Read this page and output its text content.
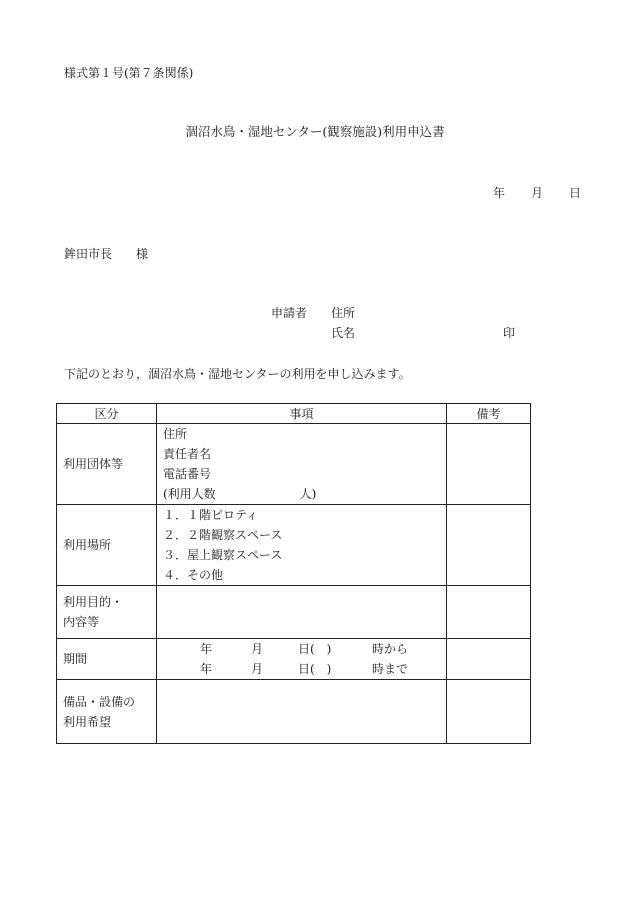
様式第１号(第７条関係)
涸沼水鳥・湿地センター(観察施設)利用申込書
年 月 日
鉾田市長 様
申請者 住所
氏名	印
下記のとおり，涸沼水鳥・湿地センターの利用を申し込みます。
区分	事項	備考
利用団体等	住所
責任者名
電話番号
(利用人数　　　　　　　人)	

利用場所	１．１階ピロティ
２．２階観察スペース
３．屋上観察スペース
４．その他	

利用目的・
内容等		

期間	年 月 日(　) 時から
年 月 日(　) 時まで	

備品・設備の
利用希望		
